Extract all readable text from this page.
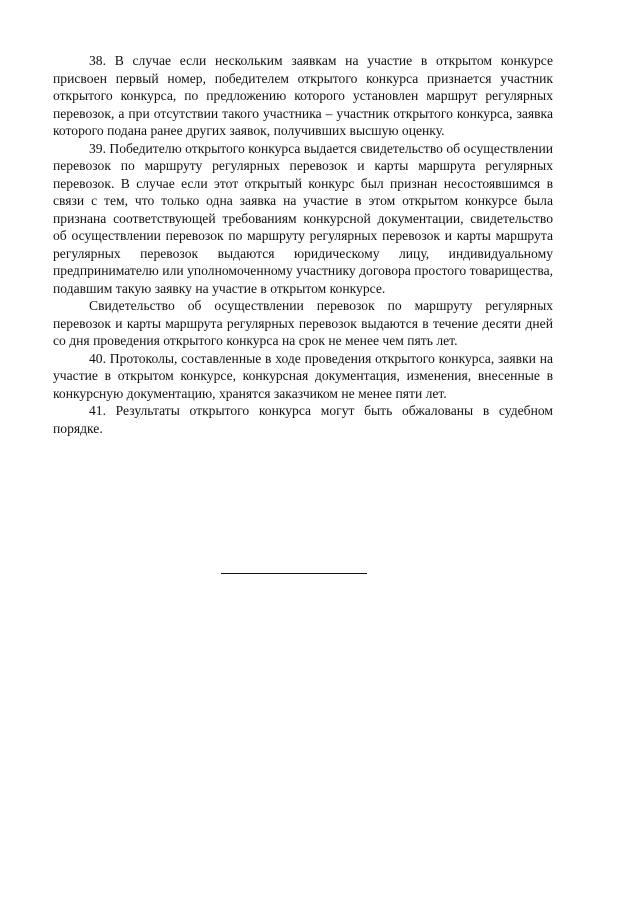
38. В случае если нескольким заявкам на участие в открытом конкурсе присвоен первый номер, победителем открытого конкурса признается участник открытого конкурса, по предложению которого установлен маршрут регулярных перевозок, а при отсутствии такого участника – участник открытого конкурса, заявка которого подана ранее других заявок, получивших высшую оценку.

39. Победителю открытого конкурса выдается свидетельство об осуществлении перевозок по маршруту регулярных перевозок и карты маршрута регулярных перевозок. В случае если этот открытый конкурс был признан несостоявшимся в связи с тем, что только одна заявка на участие в этом открытом конкурсе была признана соответствующей требованиям конкурсной документации, свидетельство об осуществлении перевозок по маршруту регулярных перевозок и карты маршрута регулярных перевозок выдаются юридическому лицу, индивидуальному предпринимателю или уполномоченному участнику договора простого товарищества, подавшим такую заявку на участие в открытом конкурсе.

Свидетельство об осуществлении перевозок по маршруту регулярных перевозок и карты маршрута регулярных перевозок выдаются в течение десяти дней со дня проведения открытого конкурса на срок не менее чем пять лет.

40. Протоколы, составленные в ходе проведения открытого конкурса, заявки на участие в открытом конкурсе, конкурсная документация, изменения, внесенные в конкурсную документацию, хранятся заказчиком не менее пяти лет.

41. Результаты открытого конкурса могут быть обжалованы в судебном порядке.
